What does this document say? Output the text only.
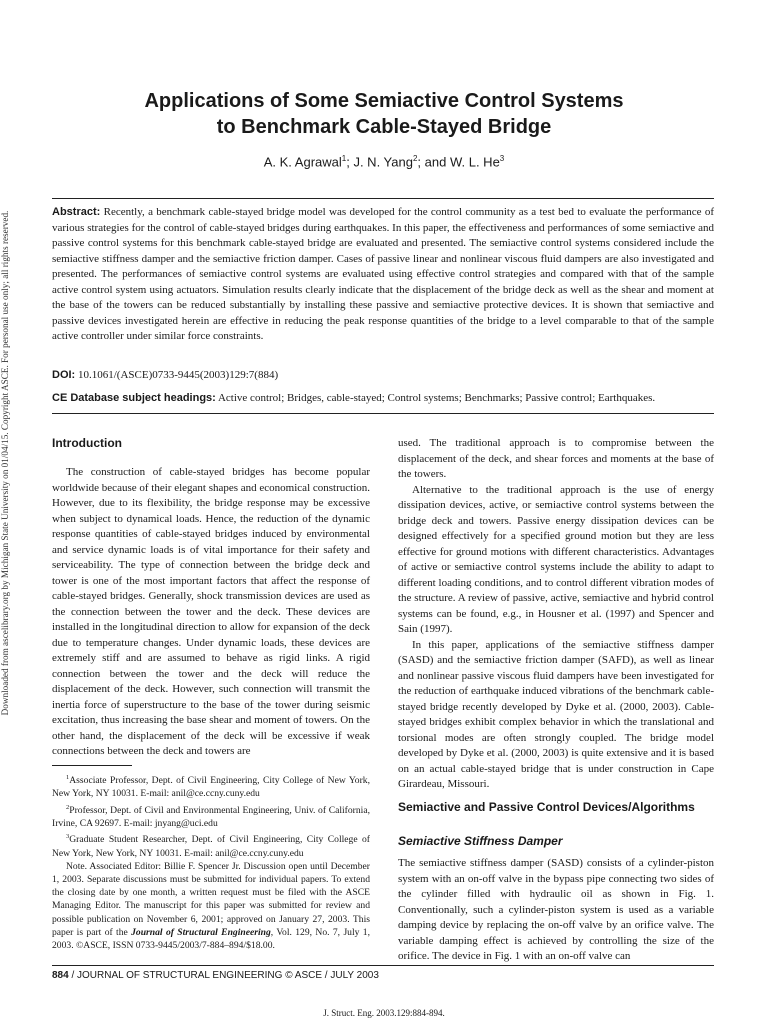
Downloaded from ascelibrary.org by Michigan State University on 01/04/15. Copyright ASCE. For personal use only; all rights reserved.
Applications of Some Semiactive Control Systems
to Benchmark Cable-Stayed Bridge
A. K. Agrawal$^1$; J. N. Yang$^2$; and W. L. He$^3$
Abstract: Recently, a benchmark cable-stayed bridge model was developed for the control community as a test bed to evaluate the performance of various strategies for the control of cable-stayed bridges during earthquakes. In this paper, the effectiveness and performances of some semiactive and passive control systems for this benchmark cable-stayed bridge are evaluated and presented. The semiactive control systems considered include the semiactive stiffness damper and the semiactive friction damper. Cases of passive linear and nonlinear viscous fluid dampers are also investigated and presented. The performances of semiactive control systems are evaluated using effective control strategies and compared with that of the sample active control system using actuators. Simulation results clearly indicate that the displacement of the bridge deck as well as the shear and moment at the base of the towers can be reduced substantially by installing these passive and semiactive protective devices. It is shown that semiactive and passive devices investigated herein are effective in reducing the peak response quantities of the bridge to a level comparable to that of the sample active controller under similar force constraints.
DOI: 10.1061/(ASCE)0733-9445(2003)129:7(884)
CE Database subject headings: Active control; Bridges, cable-stayed; Control systems; Benchmarks; Passive control; Earthquakes.
Introduction

The construction of cable-stayed bridges has become popular worldwide because of their elegant shapes and economical construction. However, due to its flexibility, the bridge response may be excessive when subject to dynamical loads. Hence, the reduction of the dynamic response quantities of cable-stayed bridges induced by environmental and service dynamic loads is of vital importance for their safety and serviceability. The type of connection between the bridge deck and tower is one of the most important factors that affect the response of cable-stayed bridges. Generally, shock transmission devices are used as the connection between the tower and the deck. These devices are installed in the longitudinal direction to allow for expansion of the deck due to temperature changes. Under dynamic loads, these devices are extremely stiff and are assumed to behave as rigid links. A rigid connection between the tower and the deck will reduce the displacement of the deck. However, such connection will transmit the inertia force of superstructure to the base of the tower during seismic excitation, thus increasing the base shear and moment of towers. On the other hand, the displacement of the deck will be excessive if weak connections between the deck and towers are

$^1$Associate Professor, Dept. of Civil Engineering, City College of New York, New York, NY 10031. E-mail: anil@ce.ccny.cuny.edu

$^2$Professor, Dept. of Civil and Environmental Engineering, Univ. of California, Irvine, CA 92697. E-mail: jnyang@uci.edu

$^3$Graduate Student Researcher, Dept. of Civil Engineering, City College of New York, New York, NY 10031. E-mail: anil@ce.ccny.cuny.edu

Note. Associated Editor: Billie F. Spencer Jr. Discussion open until December 1, 2003. Separate discussions must be submitted for individual papers. To extend the closing date by one month, a written request must be filed with the ASCE Managing Editor. The manuscript for this paper was submitted for review and possible publication on November 6, 2001; approved on January 27, 2003. This paper is part of the Journal of Structural Engineering, Vol. 129, No. 7, July 1, 2003. ©ASCE, ISSN 0733-9445/2003/7-884–894/$18.00.

used. The traditional approach is to compromise between the displacement of the deck, and shear forces and moments at the base of the towers.

Alternative to the traditional approach is the use of energy dissipation devices, active, or semiactive control systems between the bridge deck and towers. Passive energy dissipation devices can be designed effectively for a specified ground motion but they are less effective for ground motions with different characteristics. Advantages of active or semiactive control systems include the ability to adapt to different loading conditions, and to control different vibration modes of the structure. A review of passive, active, semiactive and hybrid control systems can be found, e.g., in Housner et al. (1997) and Spencer and Sain (1997).

In this paper, applications of the semiactive stiffness damper (SASD) and the semiactive friction damper (SAFD), as well as linear and nonlinear passive viscous fluid dampers have been investigated for the reduction of earthquake induced vibrations of the benchmark cable-stayed bridge recently developed by Dyke et al. (2000, 2003). Cable-stayed bridges exhibit complex behavior in which the translational and torsional modes are often strongly coupled. The bridge model developed by Dyke et al. (2000, 2003) is quite extensive and it is based on an actual cable-stayed bridge that is under construction in Cape Girardeau, Missouri.

Semiactive and Passive Control Devices/Algorithms
Semiactive Stiffness Damper

The semiactive stiffness damper (SASD) consists of a cylinder-piston system with an on-off valve in the bypass pipe connecting two sides of the cylinder filled with hydraulic oil as shown in Fig. 1. Conventionally, such a cylinder-piston system is used as a variable damping device by replacing the on-off valve by an orifice valve. The variable damping effect is achieved by controlling the size of the orifice. The device in Fig. 1 with an on-off valve can

884 / JOURNAL OF STRUCTURAL ENGINEERING © ASCE / JULY 2003
J. Struct. Eng. 2003.129:884-894.
